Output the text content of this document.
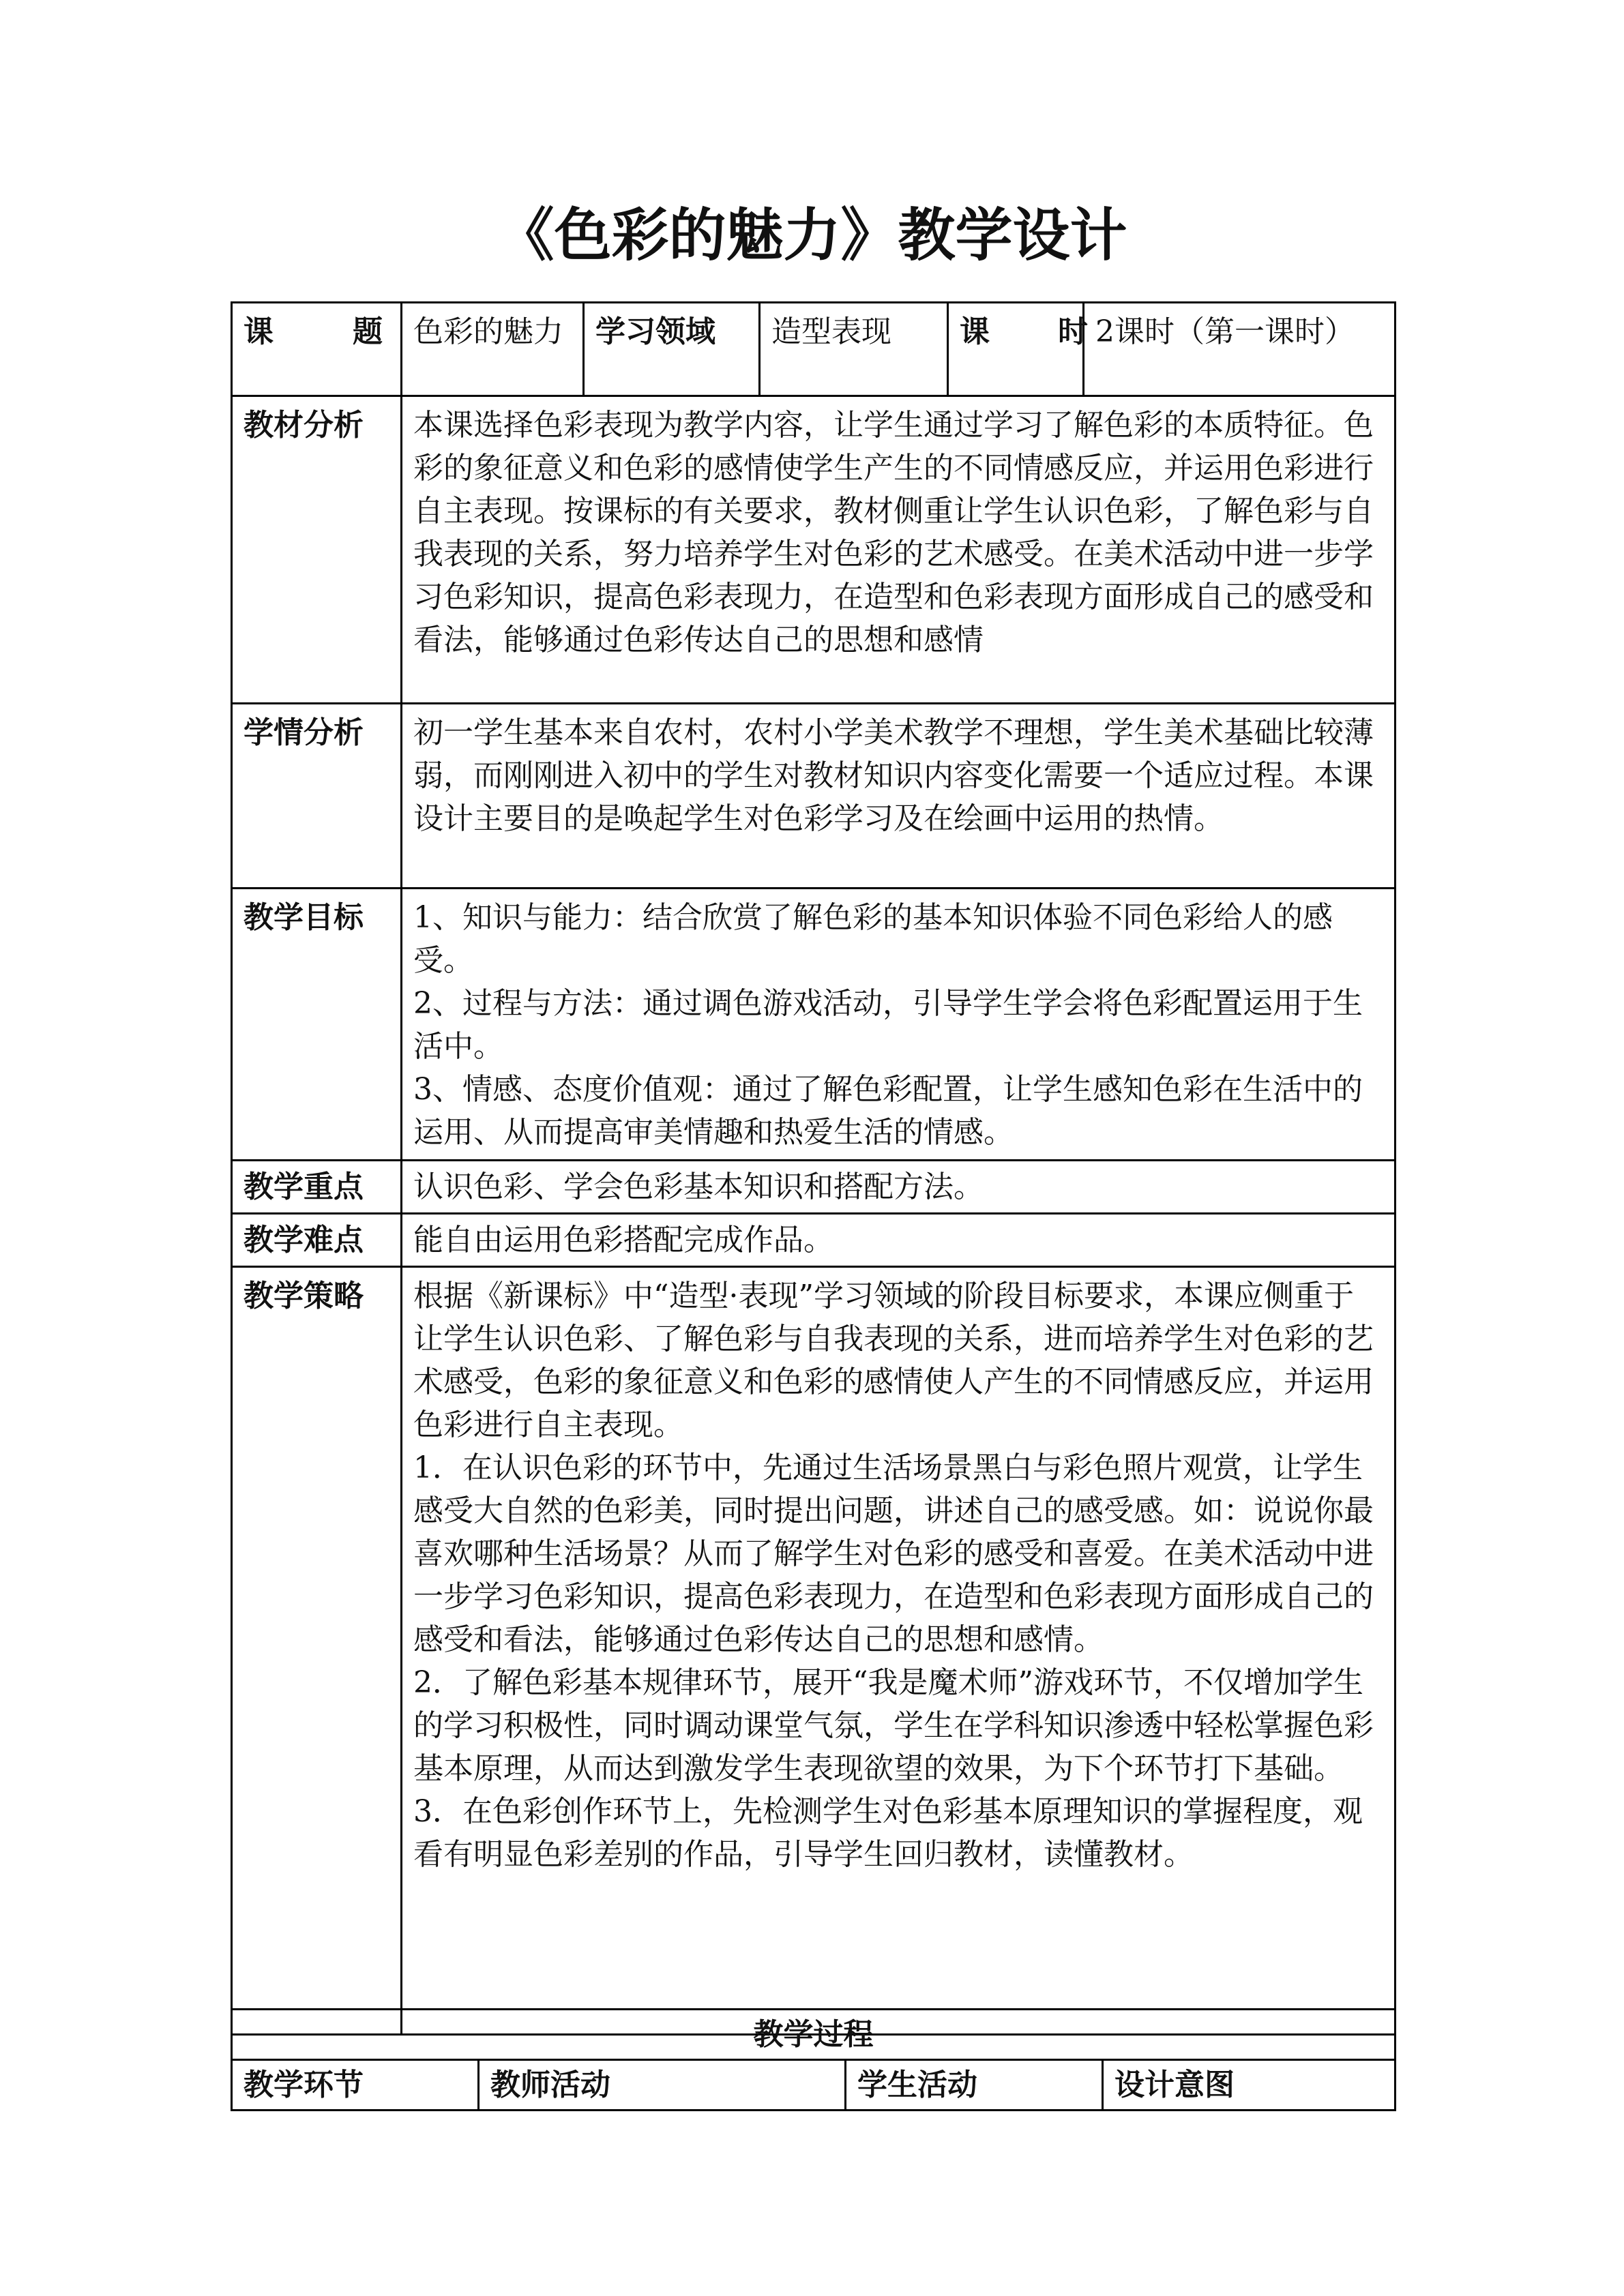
《色彩的魅力》教学设计
课　题	色彩的魅力	学习领域	造型表现	课　时	2课时（第一课时）
教材分析	本课选择色彩表现为教学内容，让学生通过学习了解色彩的本质特征。色彩的象征意义和色彩的感情使学生产生的不同情感反应，并运用色彩进行自主表现。按课标的有关要求，教材侧重让学生认识色彩，了解色彩与自我表现的关系，努力培养学生对色彩的艺术感受。在美术活动中进一步学习色彩知识，提高色彩表现力，在造型和色彩表现方面形成自己的感受和看法，能够通过色彩传达自己的思想和感情				
学情分析	初一学生基本来自农村，农村小学美术教学不理想，学生美术基础比较薄弱，而刚刚进入初中的学生对教材知识内容变化需要一个适应过程。本课设计主要目的是唤起学生对色彩学习及在绘画中运用的热情。				
教学目标	1、知识与能力：结合欣赏了解色彩的基本知识体验不同色彩给人的感受。
2、过程与方法：通过调色游戏活动，引导学生学会将色彩配置运用于生活中。
3、情感、态度价值观：通过了解色彩配置，让学生感知色彩在生活中的运用、从而提高审美情趣和热爱生活的情感。				

教学重点	认识色彩、学会色彩基本知识和搭配方法。				
教学难点	能自由运用色彩搭配完成作品。				
教学策略	根据《新课标》中“造型·表现”学习领域的阶段目标要求，本课应侧重于让学生认识色彩、了解色彩与自我表现的关系，进而培养学生对色彩的艺术感受，色彩的象征意义和色彩的感情使人产生的不同情感反应，并运用色彩进行自主表现。
1．在认识色彩的环节中，先通过生活场景黑白与彩色照片观赏，让学生感受大自然的色彩美，同时提出问题，讲述自己的感受感。如：说说你最喜欢哪种生活场景？从而了解学生对色彩的感受和喜爱。在美术活动中进一步学习色彩知识，提高色彩表现力，在造型和色彩表现方面形成自己的感受和看法，能够通过色彩传达自己的思想和感情。
2．了解色彩基本规律环节，展开“我是魔术师”游戏环节，不仅增加学生的学习积极性，同时调动课堂气氛，学生在学科知识渗透中轻松掌握色彩基本原理，从而达到激发学生表现欲望的效果，为下个环节打下基础。
3．在色彩创作环节上，先检测学生对色彩基本原理知识的掌握程度，观看有明显色彩差别的作品，引导学生回归教材，读懂教材。				
教学过程
教学环节	教师活动	学生活动	设计意图
